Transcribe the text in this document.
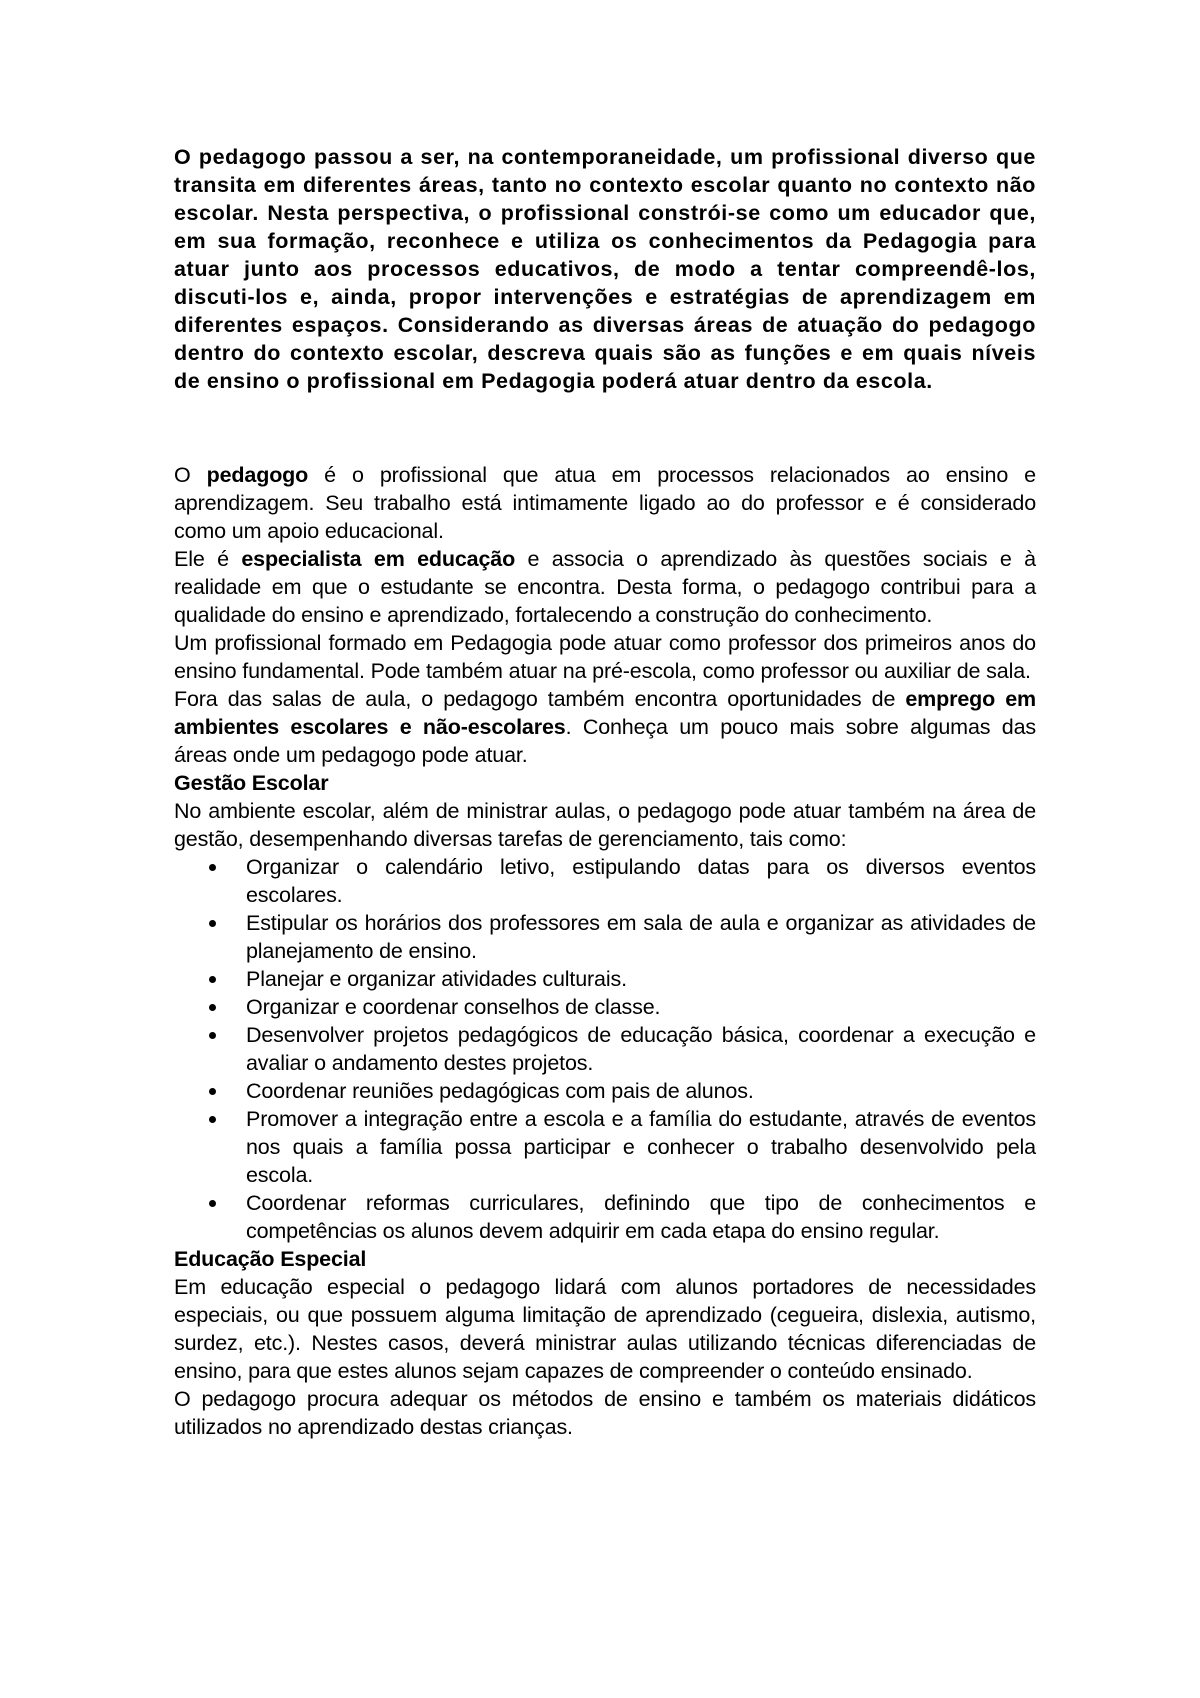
O pedagogo passou a ser, na contemporaneidade, um profissional diverso que transita em diferentes áreas, tanto no contexto escolar quanto no contexto não escolar. Nesta perspectiva, o profissional constrói-se como um educador que, em sua formação, reconhece e utiliza os conhecimentos da Pedagogia para atuar junto aos processos educativos, de modo a tentar compreendê-los, discuti-los e, ainda, propor intervenções e estratégias de aprendizagem em diferentes espaços. Considerando as diversas áreas de atuação do pedagogo dentro do contexto escolar, descreva quais são as funções e em quais níveis de ensino o profissional em Pedagogia poderá atuar dentro da escola.

O pedagogo é o profissional que atua em processos relacionados ao ensino e aprendizagem. Seu trabalho está intimamente ligado ao do professor e é considerado como um apoio educacional.

Ele é especialista em educação e associa o aprendizado às questões sociais e à realidade em que o estudante se encontra. Desta forma, o pedagogo contribui para a qualidade do ensino e aprendizado, fortalecendo a construção do conhecimento.

Um profissional formado em Pedagogia pode atuar como professor dos primeiros anos do ensino fundamental. Pode também atuar na pré-escola, como professor ou auxiliar de sala.

Fora das salas de aula, o pedagogo também encontra oportunidades de emprego em ambientes escolares e não-escolares. Conheça um pouco mais sobre algumas das áreas onde um pedagogo pode atuar.

Gestão Escolar

No ambiente escolar, além de ministrar aulas, o pedagogo pode atuar também na área de gestão, desempenhando diversas tarefas de gerenciamento, tais como:

Organizar o calendário letivo, estipulando datas para os diversos eventos escolares.
Estipular os horários dos professores em sala de aula e organizar as atividades de planejamento de ensino.
Planejar e organizar atividades culturais.
Organizar e coordenar conselhos de classe.
Desenvolver projetos pedagógicos de educação básica, coordenar a execução e avaliar o andamento destes projetos.
Coordenar reuniões pedagógicas com pais de alunos.
Promover a integração entre a escola e a família do estudante, através de eventos nos quais a família possa participar e conhecer o trabalho desenvolvido pela escola.
Coordenar reformas curriculares, definindo que tipo de conhecimentos e competências os alunos devem adquirir em cada etapa do ensino regular.

Educação Especial

Em educação especial o pedagogo lidará com alunos portadores de necessidades especiais, ou que possuem alguma limitação de aprendizado (cegueira, dislexia, autismo, surdez, etc.). Nestes casos, deverá ministrar aulas utilizando técnicas diferenciadas de ensino, para que estes alunos sejam capazes de compreender o conteúdo ensinado.

O pedagogo procura adequar os métodos de ensino e também os materiais didáticos utilizados no aprendizado destas crianças.
